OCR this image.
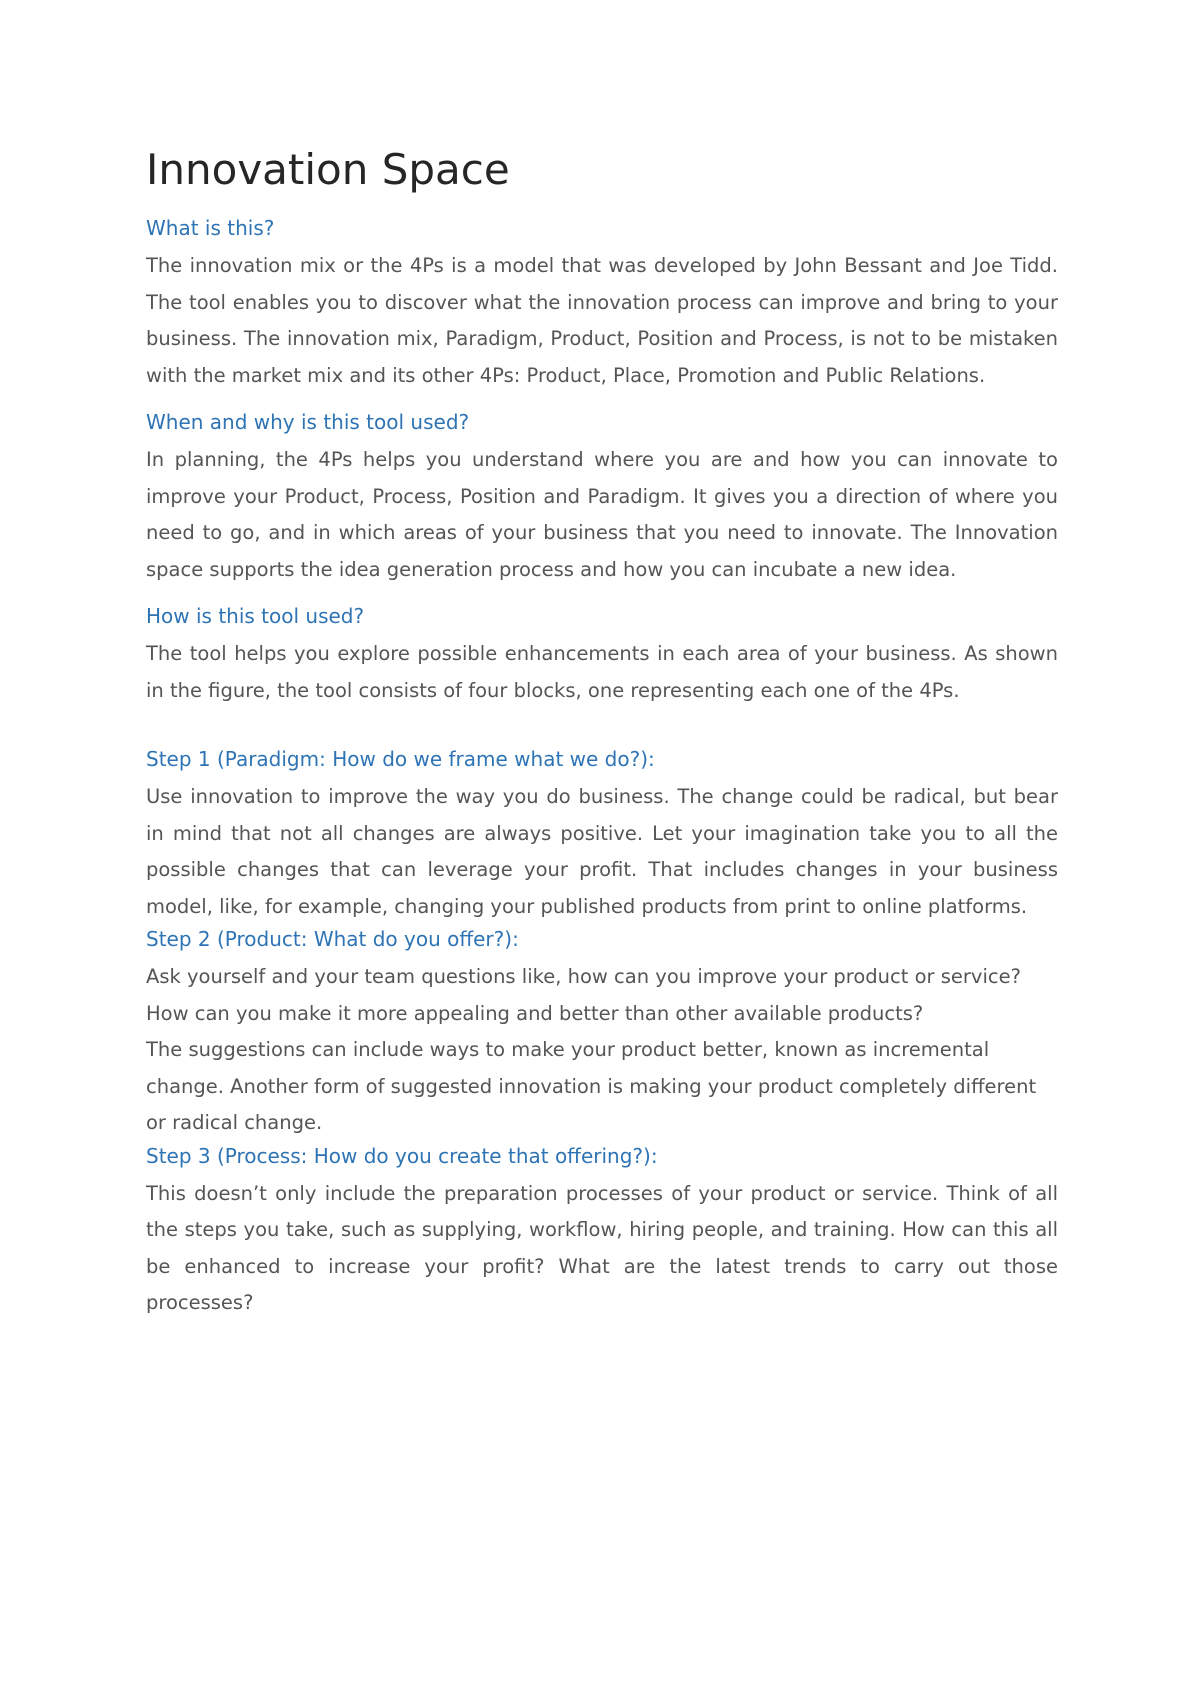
Innovation Space
What is this?

The innovation mix or the 4Ps is a model that was developed by John Bessant and Joe Tidd. The tool enables you to discover what the innovation process can improve and bring to your business. The innovation mix, Paradigm, Product, Position and Process, is not to be mistaken with the market mix and its other 4Ps: Product, Place, Promotion and Public Relations.

When and why is this tool used?

In planning, the 4Ps helps you understand where you are and how you can innovate to improve your Product, Process, Position and Paradigm. It gives you a direction of where you need to go, and in which areas of your business that you need to innovate. The Innovation space supports the idea generation process and how you can incubate a new idea.

How is this tool used?

The tool helps you explore possible enhancements in each area of your business. As shown in the figure, the tool consists of four blocks, one representing each one of the 4Ps.

Step 1 (Paradigm: How do we frame what we do?):

Use innovation to improve the way you do business. The change could be radical, but bear in mind that not all changes are always positive. Let your imagination take you to all the possible changes that can leverage your profit. That includes changes in your business model, like, for example, changing your published products from print to online platforms.

Step 2 (Product: What do you offer?):

Ask yourself and your team questions like, how can you improve your product or service? How can you make it more appealing and better than other available products?

The suggestions can include ways to make your product better, known as incremental change. Another form of suggested innovation is making your product completely different or radical change.

Step 3 (Process: How do you create that offering?):

This doesn’t only include the preparation processes of your product or service. Think of all the steps you take, such as supplying, workflow, hiring people, and training. How can this all be enhanced to increase your profit? What are the latest trends to carry out those processes?
